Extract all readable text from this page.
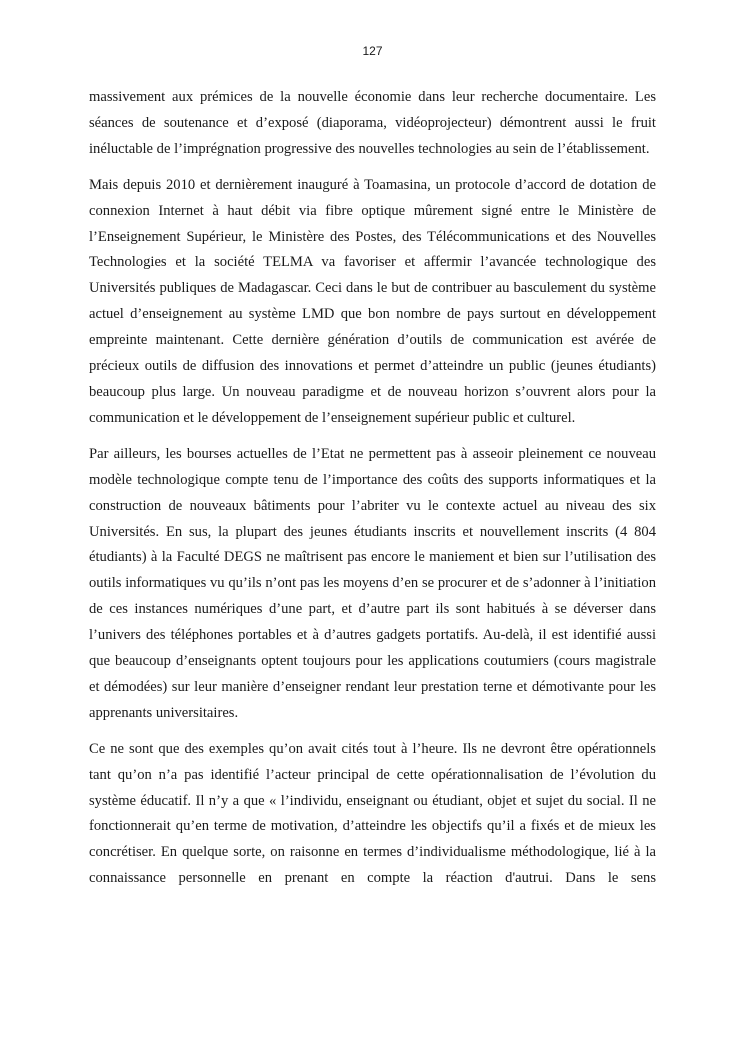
127

massivement aux prémices de la nouvelle économie dans leur recherche documentaire. Les séances de soutenance et d’exposé (diaporama, vidéoprojecteur) démontrent aussi le fruit inéluctable de l’imprégnation progressive des nouvelles technologies au sein de l’établissement.

Mais depuis 2010 et dernièrement inauguré à Toamasina, un protocole d’accord de dotation de connexion Internet à haut débit via fibre optique mûrement signé entre le Ministère de l’Enseignement Supérieur, le Ministère des Postes, des Télécommunications et des Nouvelles Technologies et la société TELMA va favoriser et affermir l’avancée technologique des Universités publiques de Madagascar. Ceci dans le but de contribuer au basculement du système actuel d’enseignement au système LMD que bon nombre de pays surtout en développement empreinte maintenant. Cette dernière génération d’outils de communication est avérée de précieux outils de diffusion des innovations et permet d’atteindre un public (jeunes étudiants) beaucoup plus large. Un nouveau paradigme et de nouveau horizon s’ouvrent alors pour la communication et le développement de l’enseignement supérieur public et culturel.

Par ailleurs, les bourses actuelles de l’Etat ne permettent pas à asseoir pleinement ce nouveau modèle technologique compte tenu de l’importance des coûts des supports informatiques et la construction de nouveaux bâtiments pour l’abriter vu le contexte actuel au niveau des six Universités. En sus, la plupart des jeunes étudiants inscrits et nouvellement inscrits (4 804 étudiants) à la Faculté DEGS ne maîtrisent pas encore le maniement et bien sur l’utilisation des outils informatiques vu qu’ils n’ont pas les moyens d’en se procurer et de s’adonner à l’initiation de ces instances numériques d’une part, et d’autre part ils sont habitués à se déverser dans l’univers des téléphones portables et à d’autres gadgets portatifs. Au-delà, il est identifié aussi que beaucoup d’enseignants optent toujours pour les applications coutumiers (cours magistrale et démodées) sur leur manière d’enseigner rendant leur prestation terne et démotivante pour les apprenants universitaires.

Ce ne sont que des exemples qu’on avait cités tout à l’heure. Ils ne devront être opérationnels tant qu’on n’a pas identifié l’acteur principal de cette opérationnalisation de l’évolution du système éducatif. Il n’y a que « l’individu, enseignant ou étudiant, objet et sujet du social. Il ne fonctionnerait qu’en terme de motivation, d’atteindre les objectifs qu’il a fixés et de mieux les concrétiser. En quelque sorte, on raisonne en termes d’individualisme méthodologique, lié à la connaissance personnelle en prenant en compte la réaction d'autrui. Dans le sens
